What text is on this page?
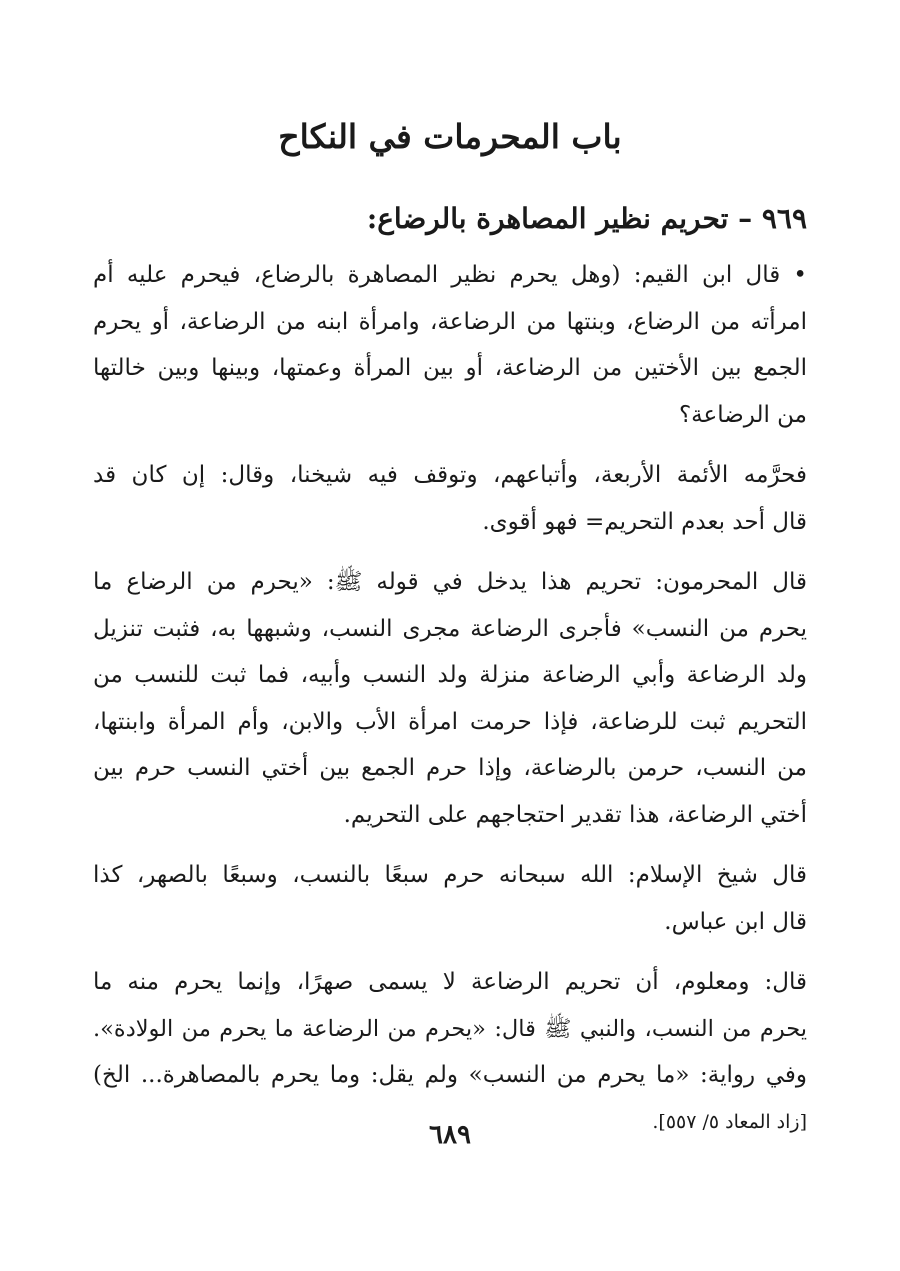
باب المحرمات في النكاح
٩٦٩ – تحريم نظير المصاهرة بالرضاع:

• قال ابن القيم: (وهل يحرم نظير المصاهرة بالرضاع، فيحرم عليه أم
امرأته من الرضاع، وبنتها من الرضاعة، وامرأة ابنه من الرضاعة، أو يحرم
الجمع بين الأختين من الرضاعة، أو بين المرأة وعمتها، وبينها وبين خالتها
من الرضاعة؟

فحرَّمه الأئمة الأربعة، وأتباعهم، وتوقف فيه شيخنا، وقال: إن كان قد
قال أحد بعدم التحريم= فهو أقوى.

قال المحرمون: تحريم هذا يدخل في قوله ﷺ: «يحرم من الرضاع ما
يحرم من النسب» فأجرى الرضاعة مجرى النسب، وشبهها به، فثبت تنزيل
ولد الرضاعة وأبي الرضاعة منزلة ولد النسب وأبيه، فما ثبت للنسب من
التحريم ثبت للرضاعة، فإذا حرمت امرأة الأب والابن، وأم المرأة وابنتها،
من النسب، حرمن بالرضاعة، وإذا حرم الجمع بين أختي النسب حرم بين
أختي الرضاعة، هذا تقدير احتجاجهم على التحريم.

قال شيخ الإسلام: الله سبحانه حرم سبعًا بالنسب، وسبعًا بالصهر، كذا
قال ابن عباس.

قال: ومعلوم، أن تحريم الرضاعة لا يسمى صهرًا، وإنما يحرم منه ما
يحرم من النسب، والنبي ﷺ قال: «يحرم من الرضاعة ما يحرم من الولادة».
وفي رواية: «ما يحرم من النسب» ولم يقل: وما يحرم بالمصاهرة... الخ)
[زاد المعاد ٥/ ٥٥٧].

٦٨٩
